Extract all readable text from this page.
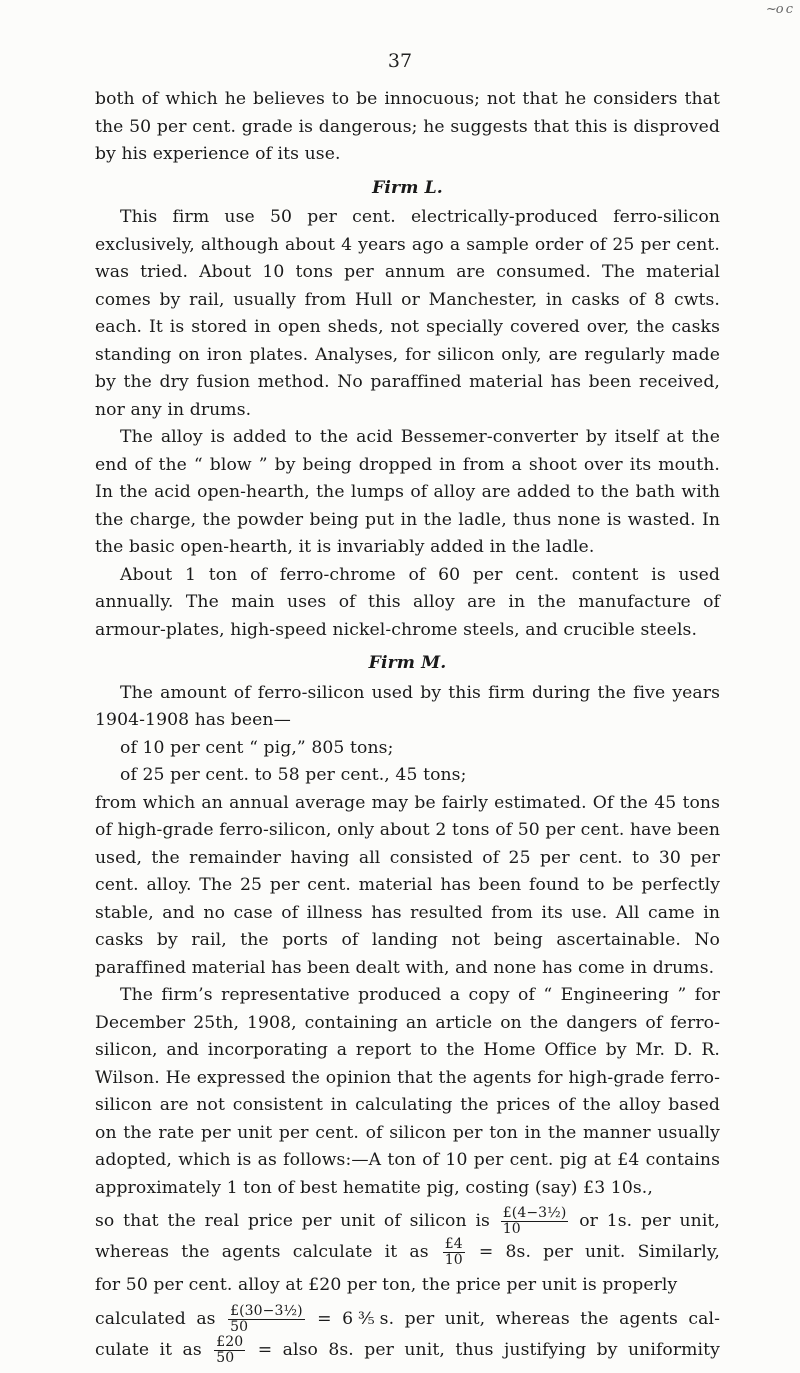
~o c
37

both of which he believes to be innocuous; not that he considers that the 50 per cent. grade is dangerous; he suggests that this is disproved by his experience of its use.

Firm L.

This firm use 50 per cent. electrically-produced ferro-silicon exclusively, although about 4 years ago a sample order of 25 per cent. was tried. About 10 tons per annum are consumed. The material comes by rail, usually from Hull or Manchester, in casks of 8 cwts. each. It is stored in open sheds, not specially covered over, the casks standing on iron plates. Analyses, for silicon only, are regularly made by the dry fusion method. No paraffined material has been received, nor any in drums.

The alloy is added to the acid Bessemer-converter by itself at the end of the “ blow ” by being dropped in from a shoot over its mouth. In the acid open-hearth, the lumps of alloy are added to the bath with the charge, the powder being put in the ladle, thus none is wasted. In the basic open-hearth, it is invariably added in the ladle.

About 1 ton of ferro-chrome of 60 per cent. content is used annually. The main uses of this alloy are in the manufacture of armour-plates, high-speed nickel-chrome steels, and crucible steels.

Firm M.

The amount of ferro-silicon used by this firm during the five years 1904-1908 has been—

of 10 per cent “ pig,” 805 tons;

of 25 per cent. to 58 per cent., 45 tons;

from which an annual average may be fairly estimated. Of the 45 tons of high-grade ferro-silicon, only about 2 tons of 50 per cent. have been used, the remainder having all consisted of 25 per cent. to 30 per cent. alloy. The 25 per cent. material has been found to be perfectly stable, and no case of illness has resulted from its use. All came in casks by rail, the ports of landing not being ascertainable. No paraffined material has been dealt with, and none has come in drums.

The firm’s representative produced a copy of “ Engineering ” for December 25th, 1908, containing an article on the dangers of ferro-silicon, and incorporating a report to the Home Office by Mr. D. R. Wilson. He expressed the opinion that the agents for high-grade ferro-silicon are not consistent in calculating the prices of the alloy based on the rate per unit per cent. of silicon per ton in the manner usually adopted, which is as follows:—A ton of 10 per cent. pig at £4 contains approximately 1 ton of best hematite pig, costing (say) £3 10s.,

so that the real price per unit of silicon is $\frac{\text{£(4−3½)}}{10}$ or 1s. per unit,

whereas the agents calculate it as $\frac{£4}{10} = 8s$. per unit. Similarly,

for 50 per cent. alloy at £20 per ton, the price per unit is properly

calculated as $\frac{\text{£(30−3½)}}{50}$ = 6⅗s. per unit, whereas the agents cal-

culate it as $\frac{£20}{50}$ = also 8s. per unit, thus justifying by uniformity
